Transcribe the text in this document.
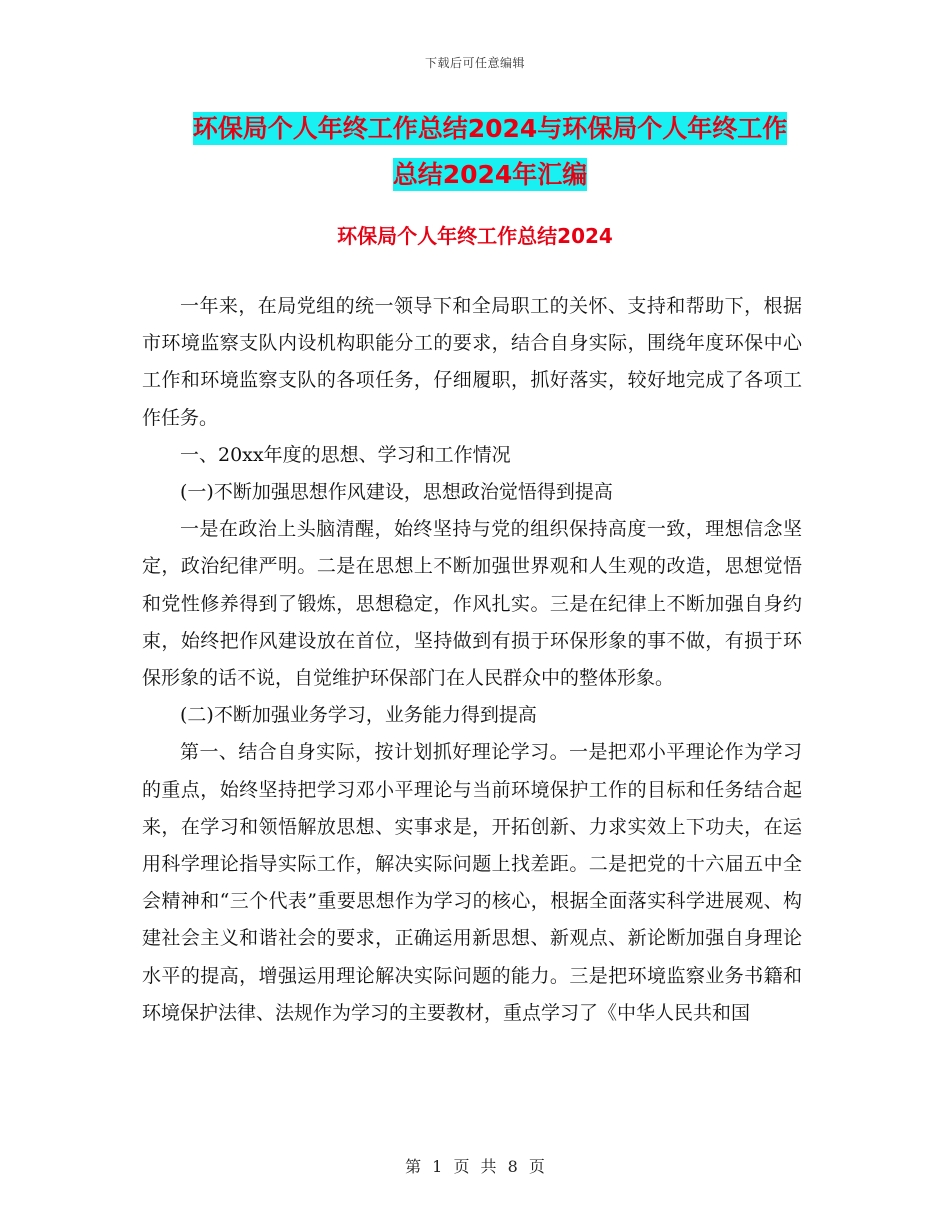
下载后可任意编辑
环保局个人年终工作总结2024与环保局个人年终工作
总结2024年汇编
环保局个人年终工作总结2024

一年来，在局党组的统一领导下和全局职工的关怀、支持和帮助下，根据市环境监察支队内设机构职能分工的要求，结合自身实际，围绕年度环保中心工作和环境监察支队的各项任务，仔细履职，抓好落实，较好地完成了各项工作任务。

一、20xx年度的思想、学习和工作情况

(一)不断加强思想作风建设，思想政治觉悟得到提高

一是在政治上头脑清醒，始终坚持与党的组织保持高度一致，理想信念坚定，政治纪律严明。二是在思想上不断加强世界观和人生观的改造，思想觉悟和党性修养得到了锻炼，思想稳定，作风扎实。三是在纪律上不断加强自身约束，始终把作风建设放在首位，坚持做到有损于环保形象的事不做，有损于环保形象的话不说，自觉维护环保部门在人民群众中的整体形象。

(二)不断加强业务学习，业务能力得到提高

第一、结合自身实际，按计划抓好理论学习。一是把邓小平理论作为学习的重点，始终坚持把学习邓小平理论与当前环境保护工作的目标和任务结合起来，在学习和领悟解放思想、实事求是，开拓创新、力求实效上下功夫，在运用科学理论指导实际工作，解决实际问题上找差距。二是把党的十六届五中全会精神和“三个代表”重要思想作为学习的核心，根据全面落实科学进展观、构建社会主义和谐社会的要求，正确运用新思想、新观点、新论断加强自身理论水平的提高，增强运用理论解决实际问题的能力。三是把环境监察业务书籍和环境保护法律、法规作为学习的主要教材，重点学习了《中华人民共和国

第 1 页 共 8 页
